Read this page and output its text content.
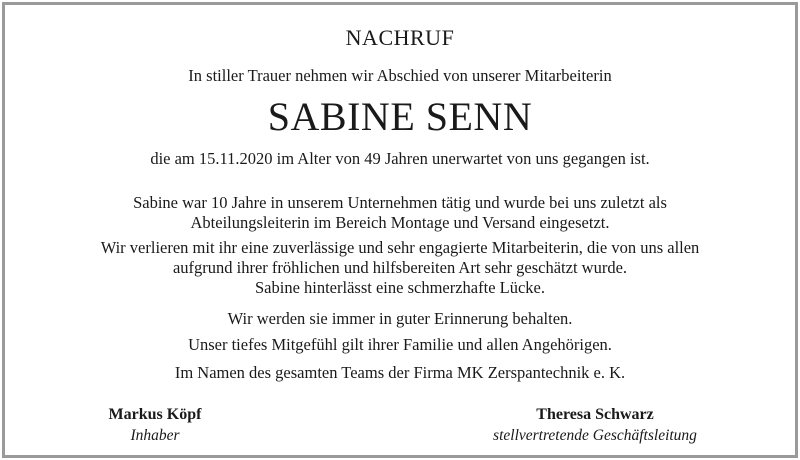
NACHRUF
In stiller Trauer nehmen wir Abschied von unserer Mitarbeiterin
SABINE SENN
die am 15.11.2020 im Alter von 49 Jahren unerwartet von uns gegangen ist.
Sabine war 10 Jahre in unserem Unternehmen tätig und wurde bei uns zuletzt als
Abteilungsleiterin im Bereich Montage und Versand eingesetzt.
Wir verlieren mit ihr eine zuverlässige und sehr engagierte Mitarbeiterin, die von uns allen
aufgrund ihrer fröhlichen und hilfsbereiten Art sehr geschätzt wurde.
Sabine hinterlässt eine schmerzhafte Lücke.
Wir werden sie immer in guter Erinnerung behalten.
Unser tiefes Mitgefühl gilt ihrer Familie und allen Angehörigen.
Im Namen des gesamten Teams der Firma MK Zerspantechnik e. K.
Markus Köpf
Inhaber
Theresa Schwarz
stellvertretende Geschäftsleitung
